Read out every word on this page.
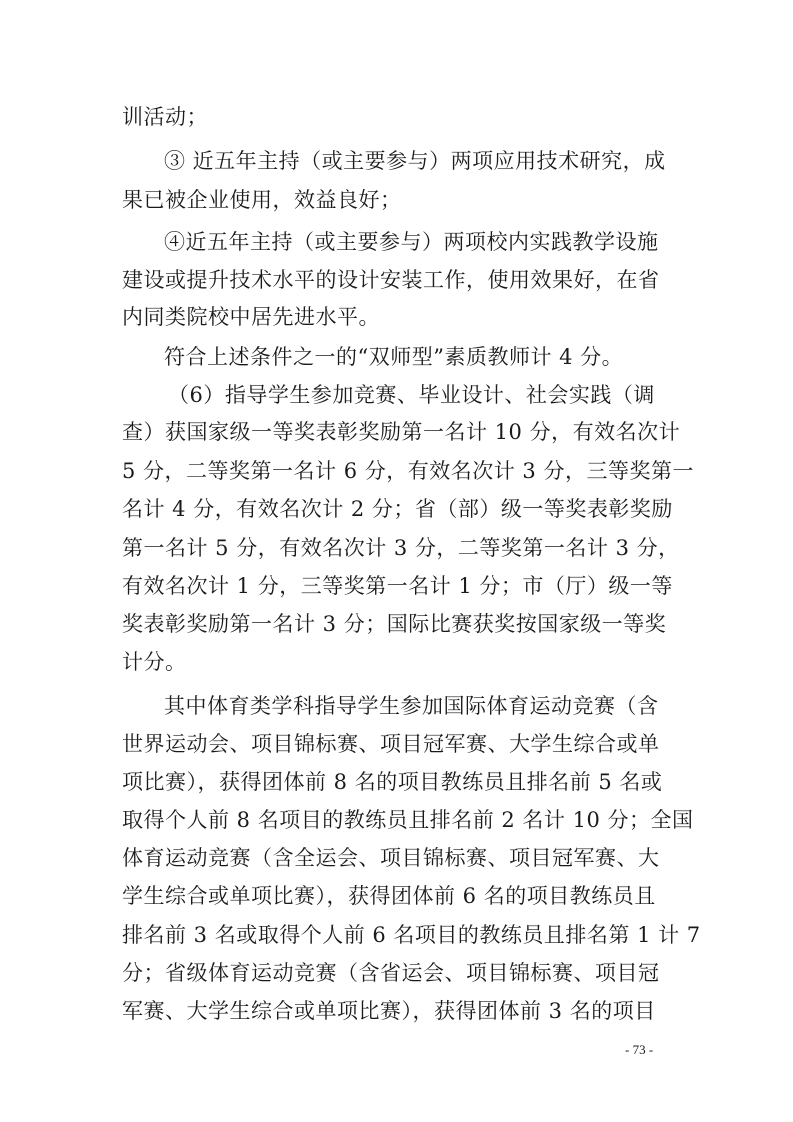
训活动；
③ 近五年主持（或主要参与）两项应用技术研究，成
果已被企业使用，效益良好；
④近五年主持（或主要参与）两项校内实践教学设施
建设或提升技术水平的设计安装工作，使用效果好，在省
内同类院校中居先进水平。
符合上述条件之一的“双师型”素质教师计 4 分。
（6）指导学生参加竞赛、毕业设计、社会实践（调
查）获国家级一等奖表彰奖励第一名计 10 分，有效名次计
5 分，二等奖第一名计 6 分，有效名次计 3 分，三等奖第一
名计 4 分，有效名次计 2 分；省（部）级一等奖表彰奖励
第一名计 5 分，有效名次计 3 分，二等奖第一名计 3 分，
有效名次计 1 分，三等奖第一名计 1 分；市（厅）级一等
奖表彰奖励第一名计 3 分；国际比赛获奖按国家级一等奖
计分。
其中体育类学科指导学生参加国际体育运动竞赛（含
世界运动会、项目锦标赛、项目冠军赛、大学生综合或单
项比赛），获得团体前 8 名的项目教练员且排名前 5 名或
取得个人前 8 名项目的教练员且排名前 2 名计 10 分；全国
体育运动竞赛（含全运会、项目锦标赛、项目冠军赛、大
学生综合或单项比赛），获得团体前 6 名的项目教练员且
排名前 3 名或取得个人前 6 名项目的教练员且排名第 1 计 7
分；省级体育运动竞赛（含省运会、项目锦标赛、项目冠
军赛、大学生综合或单项比赛），获得团体前 3 名的项目
- 73 -
